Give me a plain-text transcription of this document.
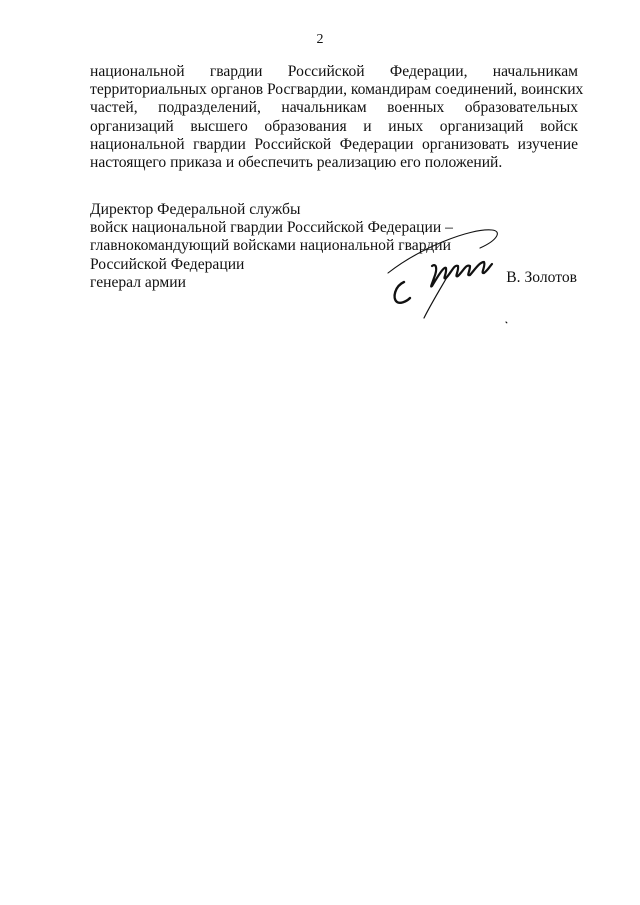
2
национальной гвардии Российской Федерации, начальникам
территориальных органов Росгвардии, командирам соединений, воинских
частей, подразделений, начальникам военных образовательных
организаций высшего образования и иных организаций войск
национальной гвардии Российской Федерации организовать изучение
настоящего приказа и обеспечить реализацию его положений.
Директор Федеральной службы
войск национальной гвардии Российской Федерации –
главнокомандующий войсками национальной гвардии
Российской Федерации
генерал армии	В. Золотов
